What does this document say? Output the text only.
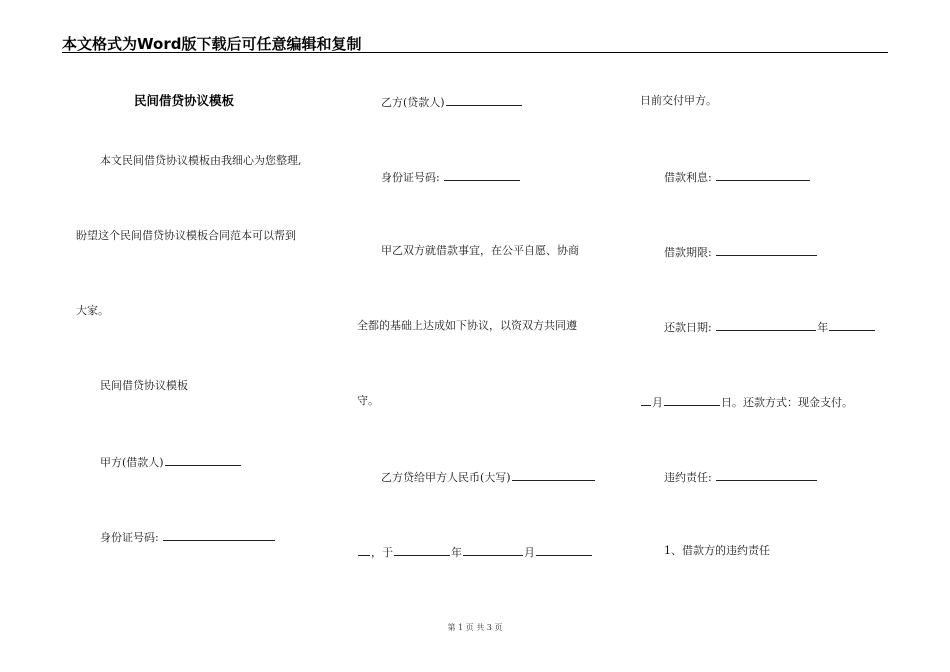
本文格式为Word版下载后可任意编辑和复制
民间借贷协议模板
本文民间借贷协议模板由我细心为您整理,
盼望这个民间借贷协议模板合同范本可以帮到
大家。
民间借贷协议模板
甲方(借款人)
身份证号码:
乙方(贷款人)
身份证号码:
甲乙双方就借款事宜，在公平自愿、协商
全都的基础上达成如下协议，以资双方共同遵
守。
乙方贷给甲方人民币(大写)
，于	年	月
日前交付甲方。
借款利息:
借款期限:
还款日期:	年
月	日。还款方式：现金支付。
违约责任:
1、借款方的违约责任
第 1 页 共 3 页
